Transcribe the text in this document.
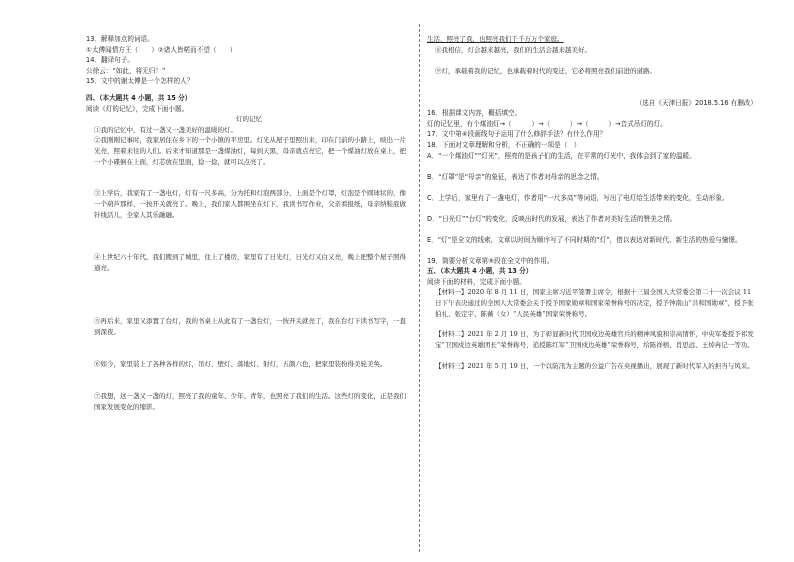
13．解释加点的词语。
①太傅闻情方王（　　）②诸人皆喏而不望（　　）
14．翻译句子。
公徐云：“如此，将无归！”
15．文中的谢太傅是一个怎样的人？
四、（本大题共 4 小题，共 15 分）
阅读《灯的记忆》，完成下面小题。
灯的记忆
①我的记忆中，有过一盏又一盏美好的温暖的灯。
②我刚刚记事时，我家居住在乡下的一个小镇的平房里。灯光从屋子里照出来，印在门前的小路上，映出一片光亮，照着来往的人们。后来才知道那是一盏煤油灯，每到天黑，母亲就点亮它，把一个煤油灯放在桌上，把一个小碟倒在上面，灯芯放在里面，捻一捻，就可以点亮了。
③上学后，我家有了一盏电灯，灯有一尺多高，分为托和灯泡两部分，上面是个灯罩，灯泡是个圆球状的，像一个葫芦那样，一按开关就亮了。晚上，我们家人都围坐在灯下，我读书写作业，父亲看报纸，母亲纳鞋底做针线活儿，全家人其乐融融。
④上世纪六十年代，我们搬到了城里，住上了楼房，家里有了日光灯，日光灯又白又亮，晚上把整个屋子照得通亮。
⑤再后来，家里又添置了台灯，我的书桌上从此有了一盏台灯，一按开关就亮了，我在台灯下读书写字，一直到深夜。
⑥如今，家里装上了各种各样的灯，吊灯、壁灯、落地灯、射灯，五颜六色，把家里装扮得美轮美奂。
⑦我想，这一盏又一盏的灯，照亮了我的童年、少年、青年，也照亮了我们的生活。这些灯的变化，正是我们国家发展变化的缩影。
生活，照亮了我，也照亮我们千千万万个家庭。
⑧我相信，灯会越来越亮，我们的生活会越来越美好。
⑨灯，承载着我的记忆，也承载着时代的变迁，它必将照亮我们前进的道路。
（选自《天津日报》2018.5.16 有删改）
16．根据课文内容，概括填空。
灯的记忆里，有个煤油灯→（　　　）→（　　　）→（　　　）→音式吊灯的灯。
17．文中第④段画线句子运用了什么修辞手法？有什么作用？
18．下面对文章理解和分析，不正确的一项是（　）
A．“一个煤油灯”“灯光”，照亮的是孩子们的生活，在平常的灯光中，我体会到了家的温暖。
B．“灯罩”是“母亲”的象征，表达了作者对母亲的思念之情。
C．上学后，家里有了一盏电灯，作者用“一尺多高”等词语，写出了电灯给生活带来的变化，生动形象。
D．“日光灯”“台灯”的变化，反映出时代的发展，表达了作者对美好生活的赞美之情。
E．“灯”是全文的线索，文章以时间为顺序写了不同时期的“灯”，借以表达对新时代、新生活的热爱与憧憬。
19．简要分析文章第⑨段在全文中的作用。
五、（本大题共 4 小题，共 13 分）
阅读下面的材料，完成下面小题。
【材料一】2020 年 8 月 11 日，国家主席习近平签署主席令，根据十三届全国人大常委会第二十一次会议 11 日下午表决通过的全国人大常委会关于授予国家勋章和国家荣誉称号的决定，授予钟南山“共和国勋章”，授予张伯礼、张定宇、陈薇（女）“人民英雄”国家荣誉称号。
【材料二】2021 年 2 月 19 日，为了彰显新时代卫国戍边英雄官兵的精神风貌和崇高情怀，中央军委授予祁发宝“卫国戍边英雄团长”荣誉称号，追授陈红军“卫国戍边英雄”荣誉称号，给陈祥榕、肖思远、王焯冉记一等功。
【材料三】2021 年 5 月 19 日，一个以防汛为主题的公益广告在央视播出，展现了新时代军人的担当与风采。
